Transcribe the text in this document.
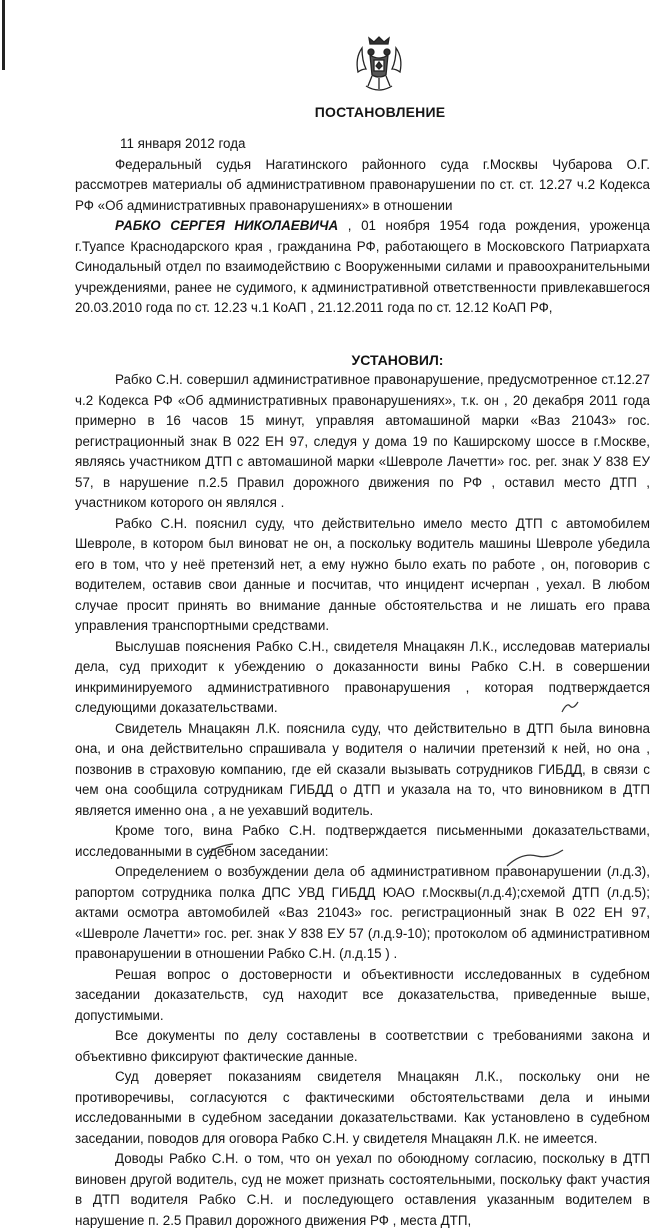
ПОСТАНОВЛЕНИЕ

11 января 2012 года

Федеральный судья Нагатинского районного суда г.Москвы Чубарова О.Г. рассмотрев материалы об административном правонарушении по ст. ст. 12.27 ч.2 Кодекса РФ «Об административных правонарушениях» в отношении

РАБКО СЕРГЕЯ НИКОЛАЕВИЧА , 01 ноября 1954 года рождения, уроженца г.Туапсе Краснодарского края , гражданина РФ, работающего в Московского Патриархата Синодальный отдел по взаимодействию с Вооруженными силами и правоохранительными учреждениями, ранее не судимого, к административной ответственности привлекавшегося 20.03.2010 года по ст. 12.23 ч.1 КоАП , 21.12.2011 года по ст. 12.12 КоАП РФ,

УСТАНОВИЛ:

Рабко С.Н. совершил административное правонарушение, предусмотренное ст.12.27 ч.2 Кодекса РФ «Об административных правонарушениях», т.к. он , 20 декабря 2011 года примерно в 16 часов 15 минут, управляя автомашиной марки «Ваз 21043» гос. регистрационный знак В 022 ЕН 97, следуя у дома 19 по Каширскому шоссе в г.Москве, являясь участником ДТП с автомашиной марки «Шевроле Лачетти» гос. рег. знак У 838 ЕУ 57, в нарушение п.2.5 Правил дорожного движения по РФ , оставил место ДТП , участником которого он являлся .

Рабко С.Н. пояснил суду, что действительно имело место ДТП с автомобилем Шевроле, в котором был виноват не он, а поскольку водитель машины Шевроле убедила его в том, что у неё претензий нет, а ему нужно было ехать по работе , он, поговорив с водителем, оставив свои данные и посчитав, что инцидент исчерпан , уехал. В любом случае просит принять во внимание данные обстоятельства и не лишать его права управления транспортными средствами.

Выслушав пояснения Рабко С.Н., свидетеля Мнацакян Л.К., исследовав материалы дела, суд приходит к убеждению о доказанности вины Рабко С.Н. в совершении инкриминируемого административного правонарушения , которая подтверждается следующими доказательствами.

Свидетель Мнацакян Л.К. пояснила суду, что действительно в ДТП была виновна она, и она действительно спрашивала у водителя о наличии претензий к ней, но она , позвонив в страховую компанию, где ей сказали вызывать сотрудников ГИБДД, в связи с чем она сообщила сотрудникам ГИБДД о ДТП и указала на то, что виновником в ДТП является именно она , а не уехавший водитель.

Кроме того, вина Рабко С.Н. подтверждается письменными доказательствами, исследованными в судебном заседании:

Определением о возбуждении дела об административном правонарушении (л.д.3), рапортом сотрудника полка ДПС УВД ГИБДД ЮАО г.Москвы(л.д.4);схемой ДТП (л.д.5); актами осмотра автомобилей «Ваз 21043» гос. регистрационный знак В 022 ЕН 97, «Шевроле Лачетти» гос. рег. знак У 838 ЕУ 57 (л.д.9-10); протоколом об административном правонарушении в отношении Рабко С.Н. (л.д.15 ) .

Решая вопрос о достоверности и объективности исследованных в судебном заседании доказательств, суд находит все доказательства, приведенные выше, допустимыми.

Все документы по делу составлены в соответствии с требованиями закона и объективно фиксируют фактические данные.

Суд доверяет показаниям свидетеля Мнацакян Л.К., поскольку они не противоречивы, согласуются с фактическими обстоятельствами дела и иными исследованными в судебном заседании доказательствами. Как установлено в судебном заседании, поводов для оговора Рабко С.Н. у свидетеля Мнацакян Л.К. не имеется.

Доводы Рабко С.Н. о том, что он уехал по обоюдному согласию, поскольку в ДТП виновен другой водитель, суд не может признать состоятельными, поскольку факт участия в ДТП водителя Рабко С.Н. и последующего оставления указанным водителем в нарушение п. 2.5 Правил дорожного движения РФ , места ДТП,
